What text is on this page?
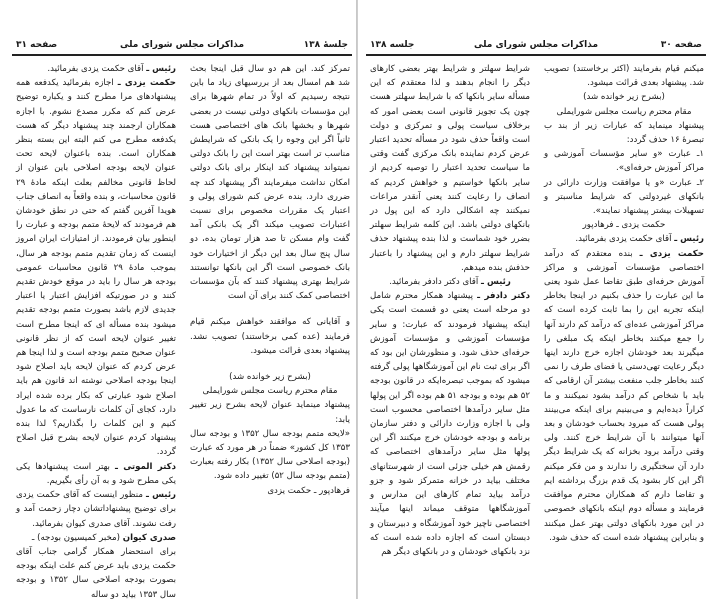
صفحه ۳۱	مذاکرات مجلس شورای ملی	جلسهٔ ۱۳۸

تمرکز کند. این هم دو سال قبل اینجا بحث شد هم امسال بعد از بررسیهای زیاد ما باین نتیجه رسیدیم که اولاً در تمام شهرها برای این مؤسسات بانکهای دولتی نیست در بعضی شهرها و بخشها بانک های اختصاصی هست ثانیاً اگر این وجوه را یک بانکی که شرایطش مناسب تر است بهتر است این را بانک دولتی نمیتواند پیشنهاد کند اینکار برای بانک دولتی امکان نداشت میفرمایند اگر پیشنهاد کند چه ضرری دارد. بنده عرض کنم شورای پولی و اعتبار یک مقررات مخصوص برای نسبت اعتبارات تصویب میکند اگر یک بانکی آمد گفت وام مسکن تا صد هزار تومان بده، دو سال پنج سال بعد این دیگر از اختیارات خود بانک خصوصی است اگر این بانکها توانستند شرایط بهتری پیشنهاد کنند که بآن مؤسسات اختصاصی کمک کنند برای آن است

و آقایانی که موافقند خواهش میکنم قیام فرمایند (عده کمی برخاستند) تصویب نشد. پیشنهاد بعدی قرائت میشود.

(بشرح زیر خوانده شد)

مقام محترم ریاست مجلس شورایملی

پیشنهاد مینماید عنوان لایحه بشرح زیر تغییر یابد:

«لایحه متمم بودجه سال ۱۳۵۲ و بودجه سال ۱۳۵۳ کل کشور» ضمناً در هر مورد که عبارت (بودجه اصلاحی سال ۱۳۵۲) بکار رفته بعبارت (متمم بودجه سال ۵۲) تغییر داده شود.

فرهادپور ـ حکمت یزدی

رئیس ـ آقای حکمت یزدی بفرمائید.

حکمت یزدی ـ اجازه بفرمائید یکدفعه همه پیشنهادهای مرا مطرح کنند و یکباره توضیح عرض کنم که مکرر مصدع نشوم. با اجازه همکاران ارجمند چند پیشنهاد دیگر که هست یکدفعه مطرح می کنم البته این بسته بنظر همکاران است. بنده باعنوان لایحه تحت عنوان لایحه بودجه اصلاحی باین عنوان از لحاظ قانونی مخالفم بعلت اینکه مادهٔ ۲۹ قانون محاسبات، و بنده واقعاً به انصاف جناب هویدا آفرین گفتم که حتی در نطق خودشان هم فرمودند که لایحهٔ متمم بودجه و عبارت را اینطور بیان فرمودند. از امتیازات ایران امروز اینست که زمان تقدیم متمم بودجه هر سال، بموجب مادهٔ ۲۹ قانون محاسبات عمومی بودجه هر سال را باید در موقع خودش تقدیم کنند و در صورتیکه افزایش اعتبار یا اعتبار جدیدی لازم باشد بصورت متمم بودجه تقدیم میشود بنده مسأله ای که اینجا مطرح است تغییر عنوان لایحه است که از نظر قانونی عنوان صحیح متمم بودجه است و لذا اینجا هم عرض کردم که عنوان لایحه باید اصلاح شود اینجا بودجه اصلاحی نوشته اند قانون هم باید اصلاح شود عبارتی که بکار برده شده ایراد دارد، کجای آن کلمات نارساست که ما عدول کنیم و این کلمات را بگذاریم؟ لذا بنده پیشنهاد کردم عنوان لایحه بشرح قبل اصلاح گردد.

دکتر الموتی ـ بهتر است پیشنهادها یکی یکی مطرح شود و به آن رأی بگیریم.

رئیس ـ منظور اینست که آقای حکمت یزدی برای توضیح پیشنهاداتشان دچار زحمت آمد و رفت نشوند. آقای صدری کیوان بفرمائید.

صدری کیوان (مخبر کمیسیون بودجه) ـ

برای استحضار همکار گرامی جناب آقای حکمت یزدی باید عرض کنم علت اینکه بودجه بصورت بودجه اصلاحی سال ۱۳۵۲ و بودجه سال ۱۳۵۳ بیاید دو ساله

جلسه ۱۳۸	مذاکرات مجلس شورای ملی	صفحه ۳۰

میکنم قیام بفرمایند (اکثر برخاستند) تصویب شد. پیشنهاد بعدی قرائت میشود.

(بشرح زیر خوانده شد)

مقام محترم ریاست مجلس شورایملی

پیشنهاد مینماید که عبارات زیر از بند ب تبصرهٔ ۱۶ حذف گردد:

۱ـ عبارت «و سایر مؤسسات آموزشی و مراکز آموزش حرفه‌ای».

۲ـ عبارت «و یا موافقت وزارت دارائی در بانکهای غیردولتی که شرایط مناسبتر و تسهیلات بیشتر پیشنهاد نمایند».

حکمت یزدی ـ فرهادپور

رئیس ـ آقای حکمت یزدی بفرمائید.

حکمت یزدی ـ بنده معتقدم که درآمد اختصاصی مؤسسات آموزشی و مراکز آموزش حرفه‌ای طبق تقاضا عمل شود یعنی ما این عبارت را حذف بکنیم در اینجا بخاطر اینکه تجربه این را بما ثابت کرده است که مراکز آموزشی عده‌ای که درآمد کم دارند آنها را جمع میکنند بخاطر اینکه یک مبلغی را میگیرند بعد خودشان اجازه خرج دارند اینها دیگر رعایت تهی‌دستی یا فضای طرف را نمی کنند بخاطر جلب منفعت بیشتر آن ارقامی که باید با شخاص کم درآمد بشود نمیکنند و ما کراراً دیده‌ایم و می‌بینیم برای اینکه می‌بینند پولی هست که میرود بحساب خودشان و بعد آنها میتوانند با آن شرایط خرج کنند. ولی وقتی درآمد برود بخزانه که یک شرایط دیگر دارد آن سختگیری را ندارند و من فکر میکنم اگر این کار بشود یک قدم بزرگ برداشته ایم و تقاضا دارم که همکاران محترم موافقت فرمایند و مسأله دوم اینکه بانکهای خصوصی در این مورد بانکهای دولتی بهتر عمل میکنند و بنابراین پیشنهاد شده است که حذف شود.

شرایط سهلتر و شرایط بهتر بعضی کارهای دیگر را انجام بدهند و لذا معتقدم که این مسأله سایر بانکها که با شرایط سهلتر هست چون یک تجویز قانونی است بعضی امور که برخلاف سیاست پولی و تمرکزی و دولت است واقعاً حذف شود در مسأله تحدید اعتبار عرض کردم نماینده بانک مرکزی گفت وقتی ما سیاست تحدید اعتبار را توصیه کردیم از سایر بانکها خواستیم و خواهش کردیم که انصاف را رعایت کنند یعنی آنقدر مراعات نمیکنند چه اشکالی دارد که این پول در بانکهای دولتی باشد. این کلمه شرایط سهلتر بضرر خود شماست و لذا بنده پیشنهاد حذف شرایط سهلتر دارم و این پیشنهاد را باعتبار حذفش بنده میدهم.

رئیس ـ آقای دکتر دادفر بفرمائید.

دکتر دادفر ـ پیشنهاد همکار محترم شامل دو مرحله است یعنی دو قسمت است یکی اینکه پیشنهاد فرمودند که عبارت: و سایر مؤسسات آموزشی و مؤسسات آموزش حرفه‌ای حذف شود. و منظورشان این بود که اگر برای ثبت نام این آموزشگاهها پولی گرفته میشود که بموجب تبصره‌ایکه در قانون بودجه ۵۲ هم بوده و بودجه ۵۱ هم بوده اگر این پولها مثل سایر درآمدها اختصاصی محسوب است ولی با اجازه وزارت دارائی و دفتر سازمان برنامه و بودجه خودشان خرج میکنند اگر این پولها مثل سایر درآمدهای اختصاصی که رقمش هم خیلی جزئی است از شهرستانهای مختلف بیاید در خزانه متمرکز شود و جزو درآمد بیاید تمام کارهای این مدارس و آموزشگاهها متوقف میماند اینها میآیند اختصاصی ناچیز خود آموزشگاه و دبیرستان و دبستان است که اجازه داده شده است که نزد بانکهای خودشان و در بانکهای دیگر هم
